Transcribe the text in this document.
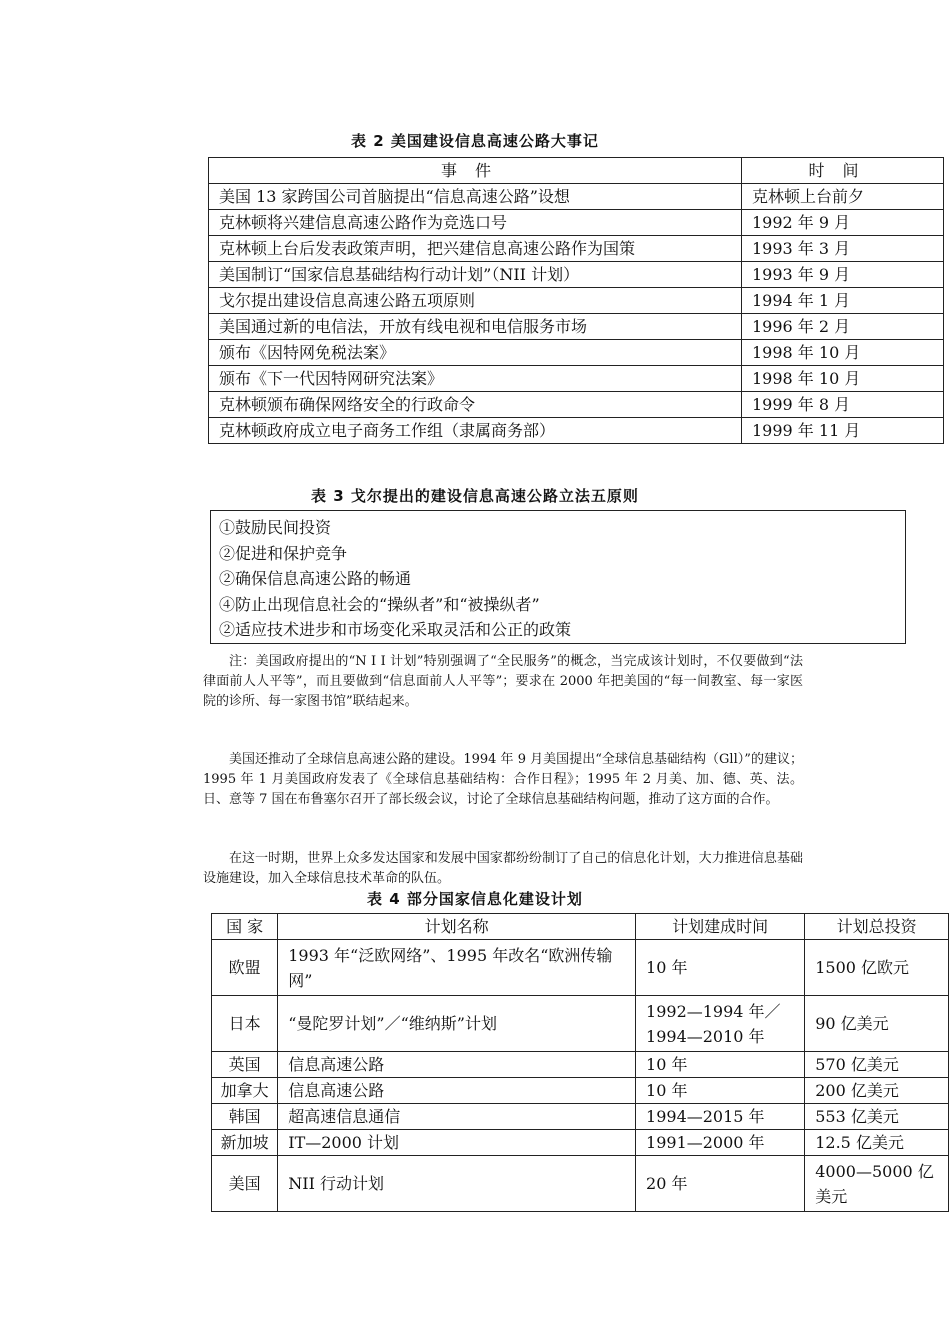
表 2 美国建设信息高速公路大事记
事件	时间
美国 13 家跨国公司首脑提出“信息高速公路”设想	克林顿上台前夕
克林顿将兴建信息高速公路作为竞选口号	1992 年 9 月
克林顿上台后发表政策声明，把兴建信息高速公路作为国策	1993 年 3 月
美国制订“国家信息基础结构行动计划”（NII 计划）	1993 年 9 月
戈尔提出建设信息高速公路五项原则	1994 年 1 月
美国通过新的电信法，开放有线电视和电信服务市场	1996 年 2 月
颁布《因特网免税法案》	1998 年 10 月
颁布《下一代因特网研究法案》	1998 年 10 月
克林顿颁布确保网络安全的行政命令	1999 年 8 月
克林顿政府成立电子商务工作组（隶属商务部）	1999 年 11 月
表 3 戈尔提出的建设信息高速公路立法五原则
①鼓励民间投资
②促进和保护竞争
②确保信息高速公路的畅通
④防止出现信息社会的“操纵者”和“被操纵者”
②适应技术进步和市场变化采取灵活和公正的政策
注：美国政府提出的“N I I 计划”特别强调了“全民服务”的概念，当完成该计划时，不仅要做到“法律面前人人平等”，而且要做到“信息面前人人平等”；要求在 2000 年把美国的“每一间教室、每一家医院的诊所、每一家图书馆”联结起来。
美国还推动了全球信息高速公路的建设。1994 年 9 月美国提出“全球信息基础结构（Gll）”的建议；1995 年 1 月美国政府发表了《全球信息基础结构：合作日程》；1995 年 2 月美、加、德、英、法。日、意等 7 国在布鲁塞尔召开了部长级会议，讨论了全球信息基础结构问题，推动了这方面的合作。
在这一时期，世界上众多发达国家和发展中国家都纷纷制订了自己的信息化计划，大力推进信息基础设施建设，加入全球信息技术革命的队伍。
表 4 部分国家信息化建设计划
国 家	计划名称	计划建成时间	计划总投资
欧盟	1993 年“泛欧网络”、1995 年改名“欧洲传输网”	10 年	1500 亿欧元
日本	“曼陀罗计划”／“维纳斯”计划	1992—1994 年／1994—2010 年	90 亿美元
英国	信息高速公路	10 年	570 亿美元
加拿大	信息高速公路	10 年	200 亿美元
韩国	超高速信息通信	1994—2015 年	553 亿美元
新加坡	IT—2000 计划	1991—2000 年	12.5 亿美元
美国	NII 行动计划	20 年	4000—5000 亿美元
